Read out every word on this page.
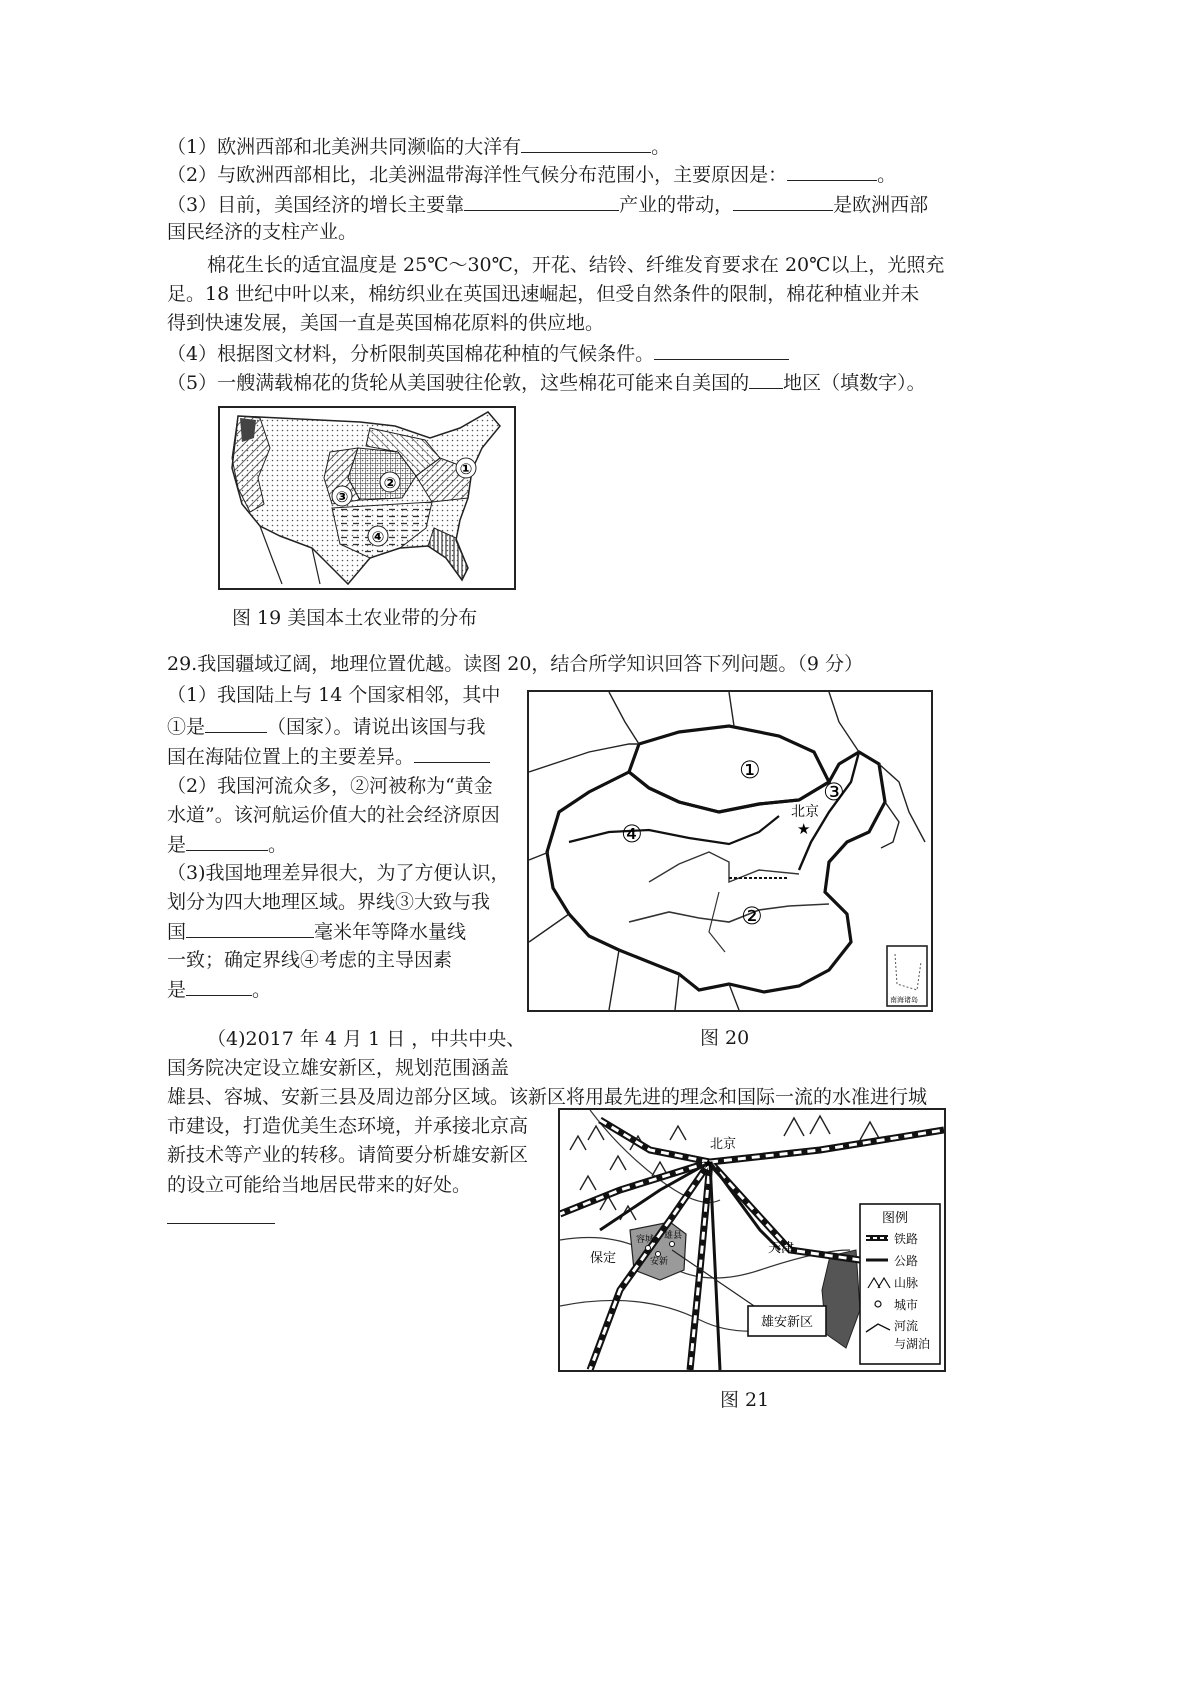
（1）欧洲西部和北美洲共同濒临的大洋有	。
（2）与欧洲西部相比，北美洲温带海洋性气候分布范围小，主要原因是：	。
（3）目前，美国经济的增长主要靠	产业的带动，	是欧洲西部
国民经济的支柱产业。
棉花生长的适宜温度是 25℃～30℃，开花、结铃、纤维发育要求在 20℃以上，光照充
足。18 世纪中叶以来，棉纺织业在英国迅速崛起，但受自然条件的限制，棉花种植业并未
得到快速发展，美国一直是英国棉花原料的供应地。
（4）根据图文材料，分析限制英国棉花种植的气候条件。
（5）一艘满载棉花的货轮从美国驶往伦敦，这些棉花可能来自美国的 地区（填数字）。
①
②
③
④
图 19 美国本土农业带的分布
29.我国疆域辽阔，地理位置优越。读图 20，结合所学知识回答下列问题。（9 分）
（1）我国陆上与 14 个国家相邻，其中
①是	（国家）。请说出该国与我
国在海陆位置上的主要差异。
（2）我国河流众多，②河被称为“黄金
水道”。该河航运价值大的社会经济原因
是	。
（3)我国地理差异很大，为了方便认识，
划分为四大地理区域。界线③大致与我
国	毫米年等降水量线
一致；确定界线④考虑的主导因素
是	。
（4)2017 年 4 月 1 日 ，中共中央、
国务院决定设立雄安新区，规划范围涵盖
雄县、容城、安新三县及周边部分区域。该新区将用最先进的理念和国际一流的水准进行城
市建设，打造优美生态环境，并承接北京高
新技术等产业的转移。请简要分析雄安新区
的设立可能给当地居民带来的好处。
①
②
③
④
北京
★
南海诸岛
图 20
北京
★
天津
保定
容城 雄县
安新
雄安新区
图例
铁路
公路
山脉
城市
河流
与湖泊
图 21
